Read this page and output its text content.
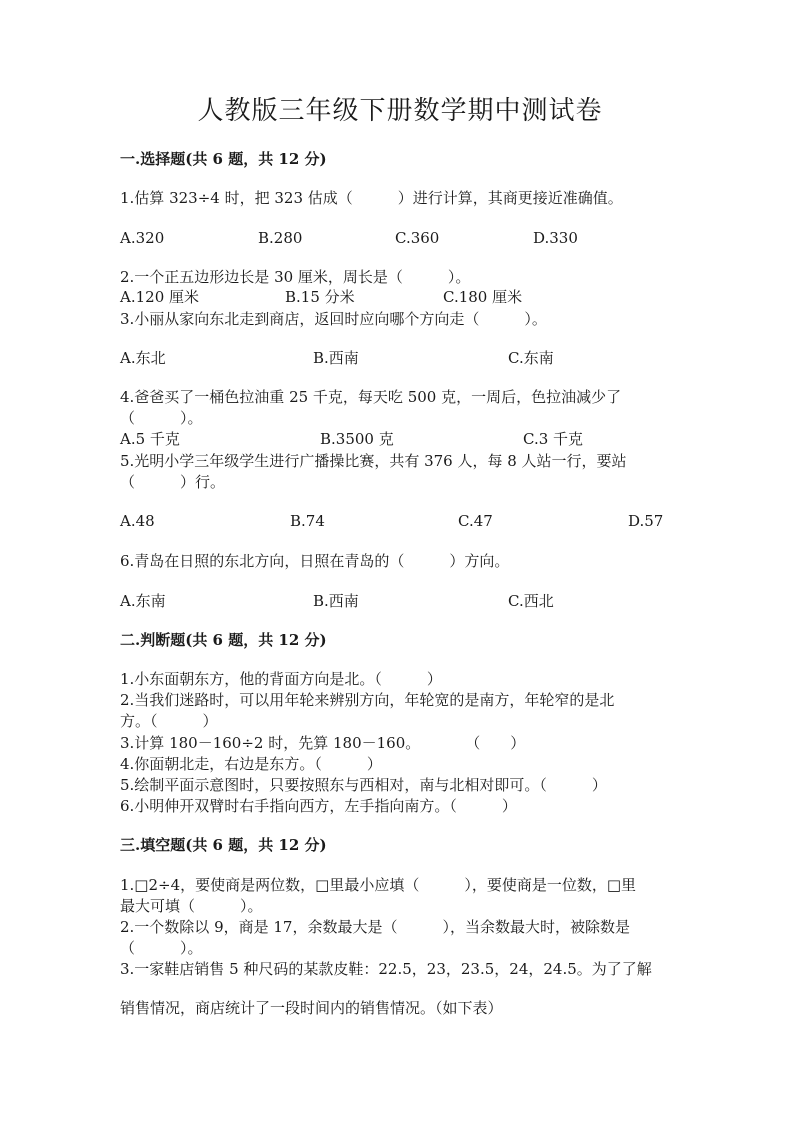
人教版三年级下册数学期中测试卷
一.选择题(共 6 题，共 12 分)
1.估算 323÷4 时，把 323 估成（　　　）进行计算，其商更接近准确值。
A.320	B.280	C.360	D.330
2.一个正五边形边长是 30 厘米，周长是（　　　）。
A.120 厘米	B.15 分米	C.180 厘米
3.小丽从家向东北走到商店，返回时应向哪个方向走（　　　）。
A.东北	B.西南	C.东南
4.爸爸买了一桶色拉油重 25 千克，每天吃 500 克，一周后，色拉油减少了
（　　　）。
A.5 千克	B.3500 克	C.3 千克
5.光明小学三年级学生进行广播操比赛，共有 376 人，每 8 人站一行，要站
（　　　）行。
A.48	B.74	C.47	D.57
6.青岛在日照的东北方向，日照在青岛的（　　　）方向。
A.东南	B.西南	C.西北
二.判断题(共 6 题，共 12 分)
1.小东面朝东方，他的背面方向是北。（　　　）
2.当我们迷路时，可以用年轮来辨别方向，年轮宽的是南方，年轮窄的是北
方。（　　　）
3.计算 180－160÷2 时，先算 180－160。　　　　（　　）
4.你面朝北走，右边是东方。（　　　）
5.绘制平面示意图时，只要按照东与西相对，南与北相对即可。（　　　）
6.小明伸开双臂时右手指向西方，左手指向南方。（　　　）
三.填空题(共 6 题，共 12 分)
1.□2÷4，要使商是两位数，□里最小应填（　　　），要使商是一位数，□里
最大可填（　　　）。
2.一个数除以 9，商是 17，余数最大是（　　　），当余数最大时，被除数是
（　　　）。
3.一家鞋店销售 5 种尺码的某款皮鞋：22.5，23，23.5，24，24.5。为了了解
销售情况，商店统计了一段时间内的销售情况。（如下表）
